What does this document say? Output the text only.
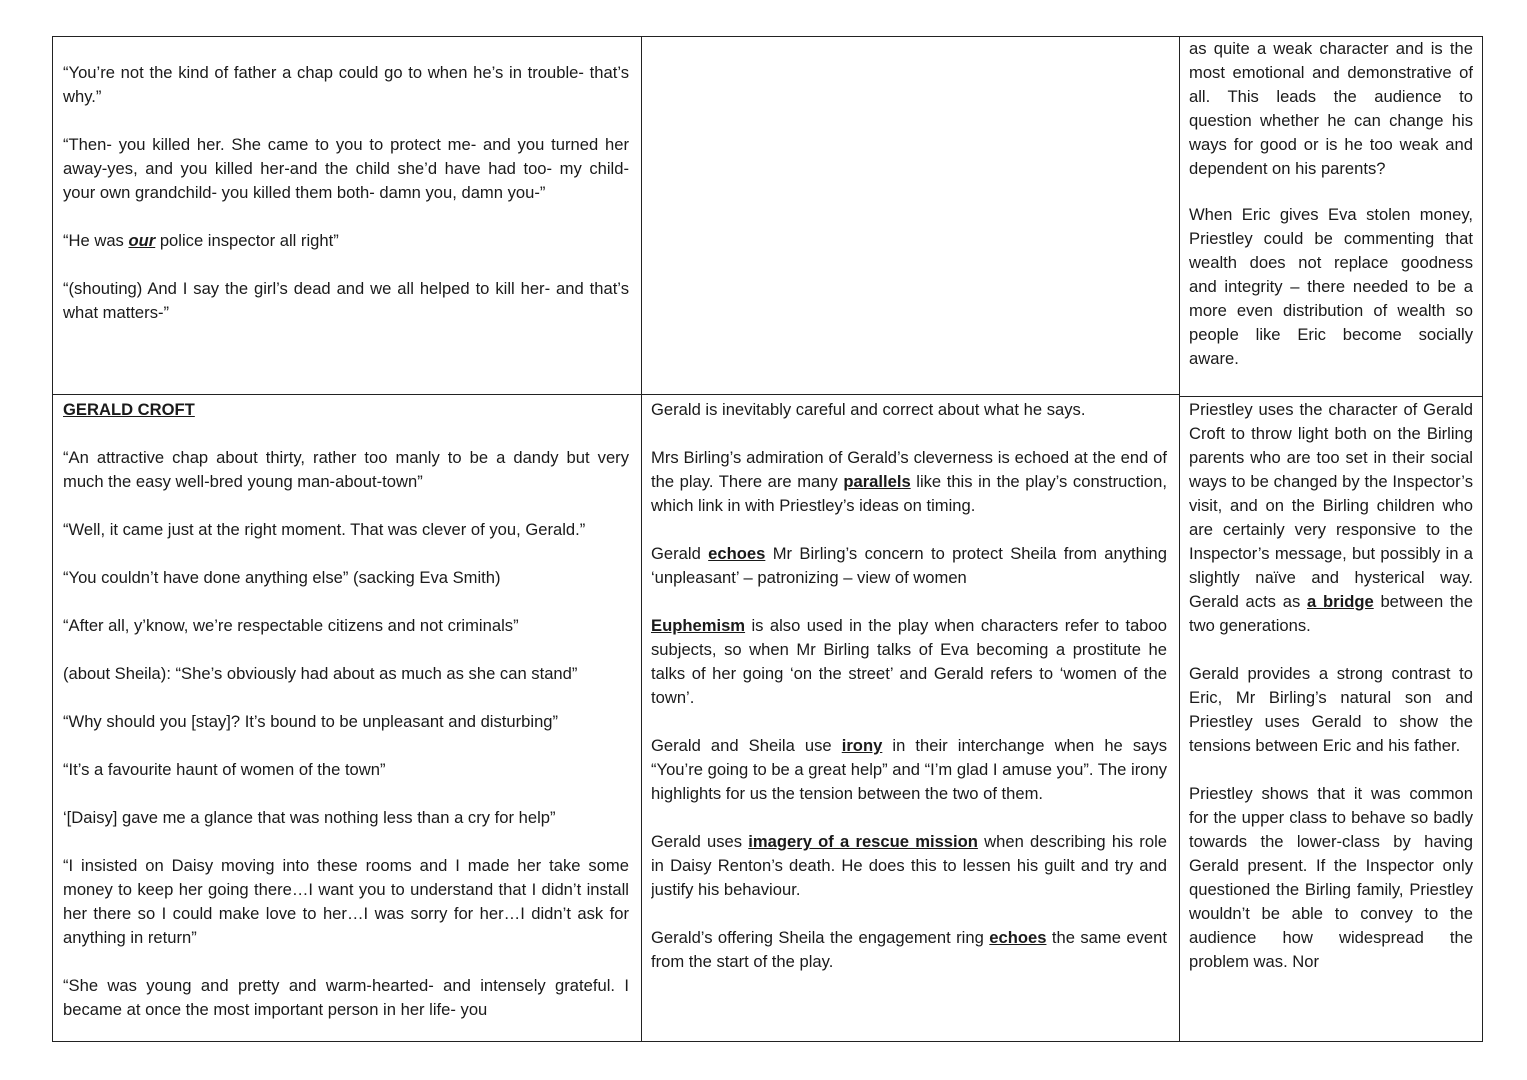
“You’re not the kind of father a chap could go to when he’s in trouble- that’s why.”

“Then- you killed her. She came to you to protect me- and you turned her away-yes, and you killed her-and the child she’d have had too- my child- your own grandchild- you killed them both- damn you, damn you-”

“He was our police inspector all right”

“(shouting) And I say the girl’s dead and we all helped to kill her- and that’s what matters-”

as quite a weak character and is the most emotional and demonstrative of all. This leads the audience to question whether he can change his ways for good or is he too weak and dependent on his parents?

When Eric gives Eva stolen money, Priestley could be commenting that wealth does not replace goodness and integrity – there needed to be a more even distribution of wealth so people like Eric become socially aware.

GERALD CROFT

“An attractive chap about thirty, rather too manly to be a dandy but very much the easy well-bred young man-about-town”

“Well, it came just at the right moment. That was clever of you, Gerald.”

“You couldn’t have done anything else” (sacking Eva Smith)

“After all, y’know, we’re respectable citizens and not criminals”

(about Sheila): “She’s obviously had about as much as she can stand”

“Why should you [stay]? It’s bound to be unpleasant and disturbing”

“It’s a favourite haunt of women of the town”

‘[Daisy] gave me a glance that was nothing less than a cry for help”

“I insisted on Daisy moving into these rooms and I made her take some money to keep her going there…I want you to understand that I didn’t install her there so I could make love to her…I was sorry for her…I didn’t ask for anything in return”

“She was young and pretty and warm-hearted- and intensely grateful. I became at once the most important person in her life- you

Gerald is inevitably careful and correct about what he says.

Mrs Birling’s admiration of Gerald’s cleverness is echoed at the end of the play. There are many parallels like this in the play’s construction, which link in with Priestley’s ideas on timing.

Gerald echoes Mr Birling’s concern to protect Sheila from anything ‘unpleasant’ – patronizing – view of women

Euphemism is also used in the play when characters refer to taboo subjects, so when Mr Birling talks of Eva becoming a prostitute he talks of her going ‘on the street’ and Gerald refers to ‘women of the town’.

Gerald and Sheila use irony in their interchange when he says “You’re going to be a great help” and “I’m glad I amuse you”. The irony highlights for us the tension between the two of them.

Gerald uses imagery of a rescue mission when describing his role in Daisy Renton’s death. He does this to lessen his guilt and try and justify his behaviour.

Gerald’s offering Sheila the engagement ring echoes the same event from the start of the play.

Priestley uses the character of Gerald Croft to throw light both on the Birling parents who are too set in their social ways to be changed by the Inspector’s visit, and on the Birling children who are certainly very responsive to the Inspector’s message, but possibly in a slightly naïve and hysterical way. Gerald acts as a bridge between the two generations.

Gerald provides a strong contrast to Eric, Mr Birling’s natural son and Priestley uses Gerald to show the tensions between Eric and his father.

Priestley shows that it was common for the upper class to behave so badly towards the lower-class by having Gerald present. If the Inspector only questioned the Birling family, Priestley wouldn’t be able to convey to the audience how widespread the problem was. Nor
